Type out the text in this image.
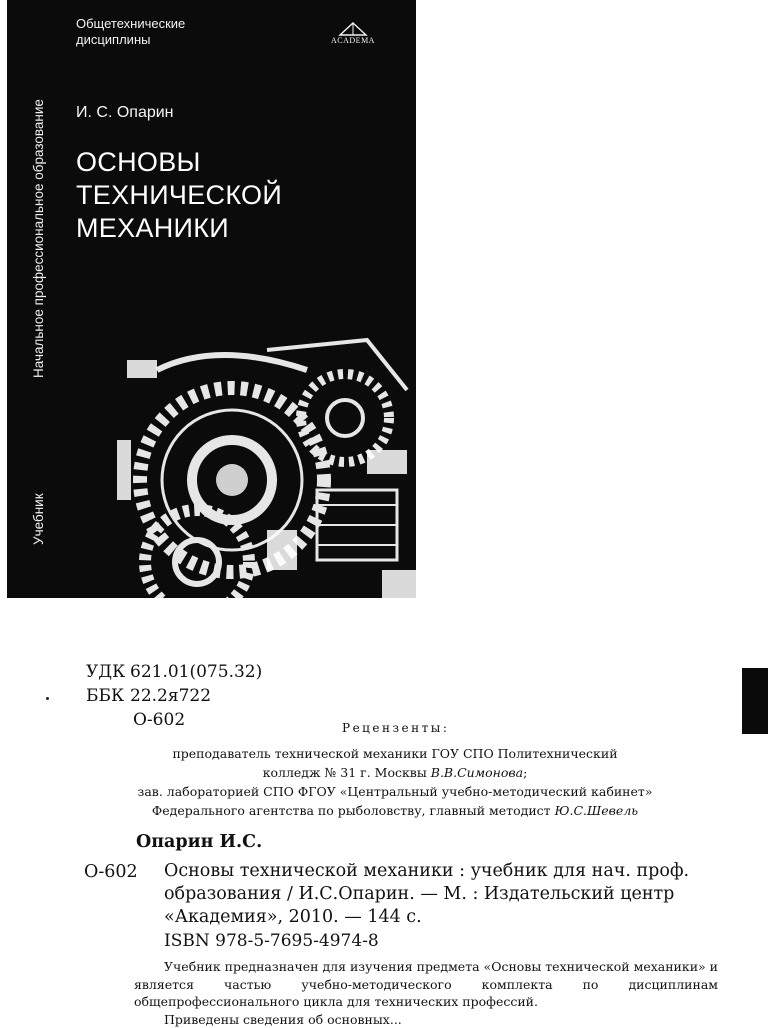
Общетехнические
дисциплины	ACADEMA
Начальное профессиональное образование
Учебник
И. С. Опарин
ОСНОВЫ
ТЕХНИЧЕСКОЙ
МЕХАНИКИ
УДК 621.01(075.32)
ББК 22.2я722
О-602	Рецензенты:
преподаватель технической механики ГОУ СПО Политехнический
колледж № 31 г. Москвы В.В.Симонова;
зав. лабораторией СПО ФГОУ «Центральный учебно-методический кабинет»
Федерального агентства по рыболовству, главный методист Ю.С.Шевель
Опарин И.С.
О-602 Основы технической механики : учебник для нач. проф. образования / И.С.Опарин. — М. : Издательский центр «Академия», 2010. — 144 с.
ISBN 978-5-7695-4974-8
Учебник предназначен для изучения предмета «Основы технической механики» и является частью учебно-методического комплекта по дисциплинам общепрофессионального цикла для технических профессий.
Приведены сведения об основных...
